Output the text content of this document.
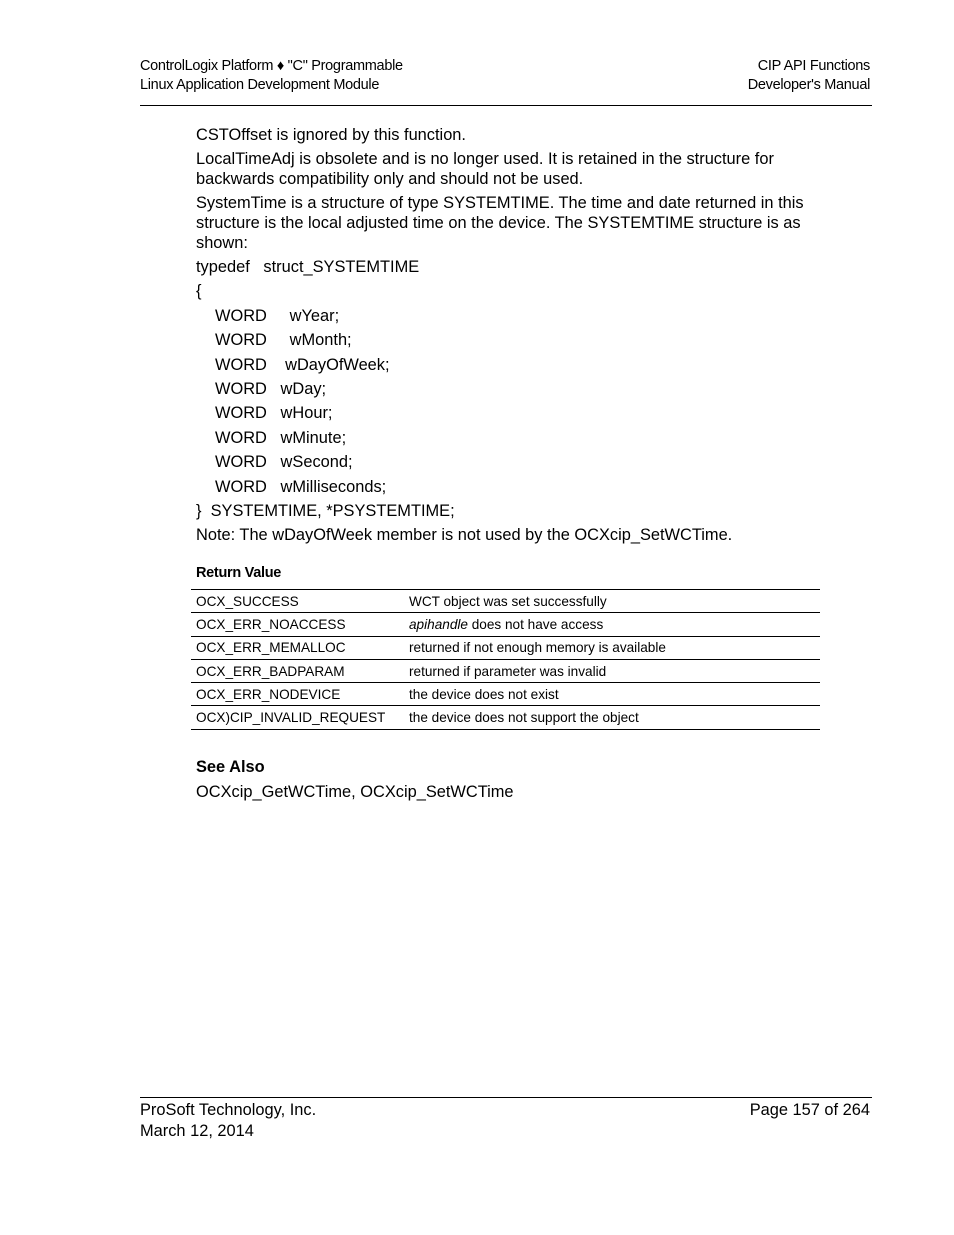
ControlLogix Platform ♦ "C" Programmable
Linux Application Development Module
CIP API Functions
Developer's Manual

CSTOffset is ignored by this function.

LocalTimeAdj is obsolete and is no longer used. It is retained in the structure for backwards compatibility only and should not be used.

SystemTime is a structure of type SYSTEMTIME. The time and date returned in this structure is the local adjusted time on the device. The SYSTEMTIME structure is as shown:

typedef   struct_SYSTEMTIME
{
WORD     wYear;
WORD     wMonth;
WORD    wDayOfWeek;
WORD   wDay;
WORD   wHour;
WORD   wMinute;
WORD   wSecond;
WORD   wMilliseconds;
}  SYSTEMTIME, *PSYSTEMTIME;
Note: The wDayOfWeek member is not used by the OCXcip_SetWCTime.
Return Value
OCX_SUCCESS	WCT object was set successfully
OCX_ERR_NOACCESS	apihandle does not have access
OCX_ERR_MEMALLOC	returned if not enough memory is available
OCX_ERR_BADPARAM	returned if parameter was invalid
OCX_ERR_NODEVICE	the device does not exist
OCX)CIP_INVALID_REQUEST	the device does not support the object
See Also
OCXcip_GetWCTime, OCXcip_SetWCTime
ProSoft Technology, Inc.
March 12, 2014
Page 157 of 264
